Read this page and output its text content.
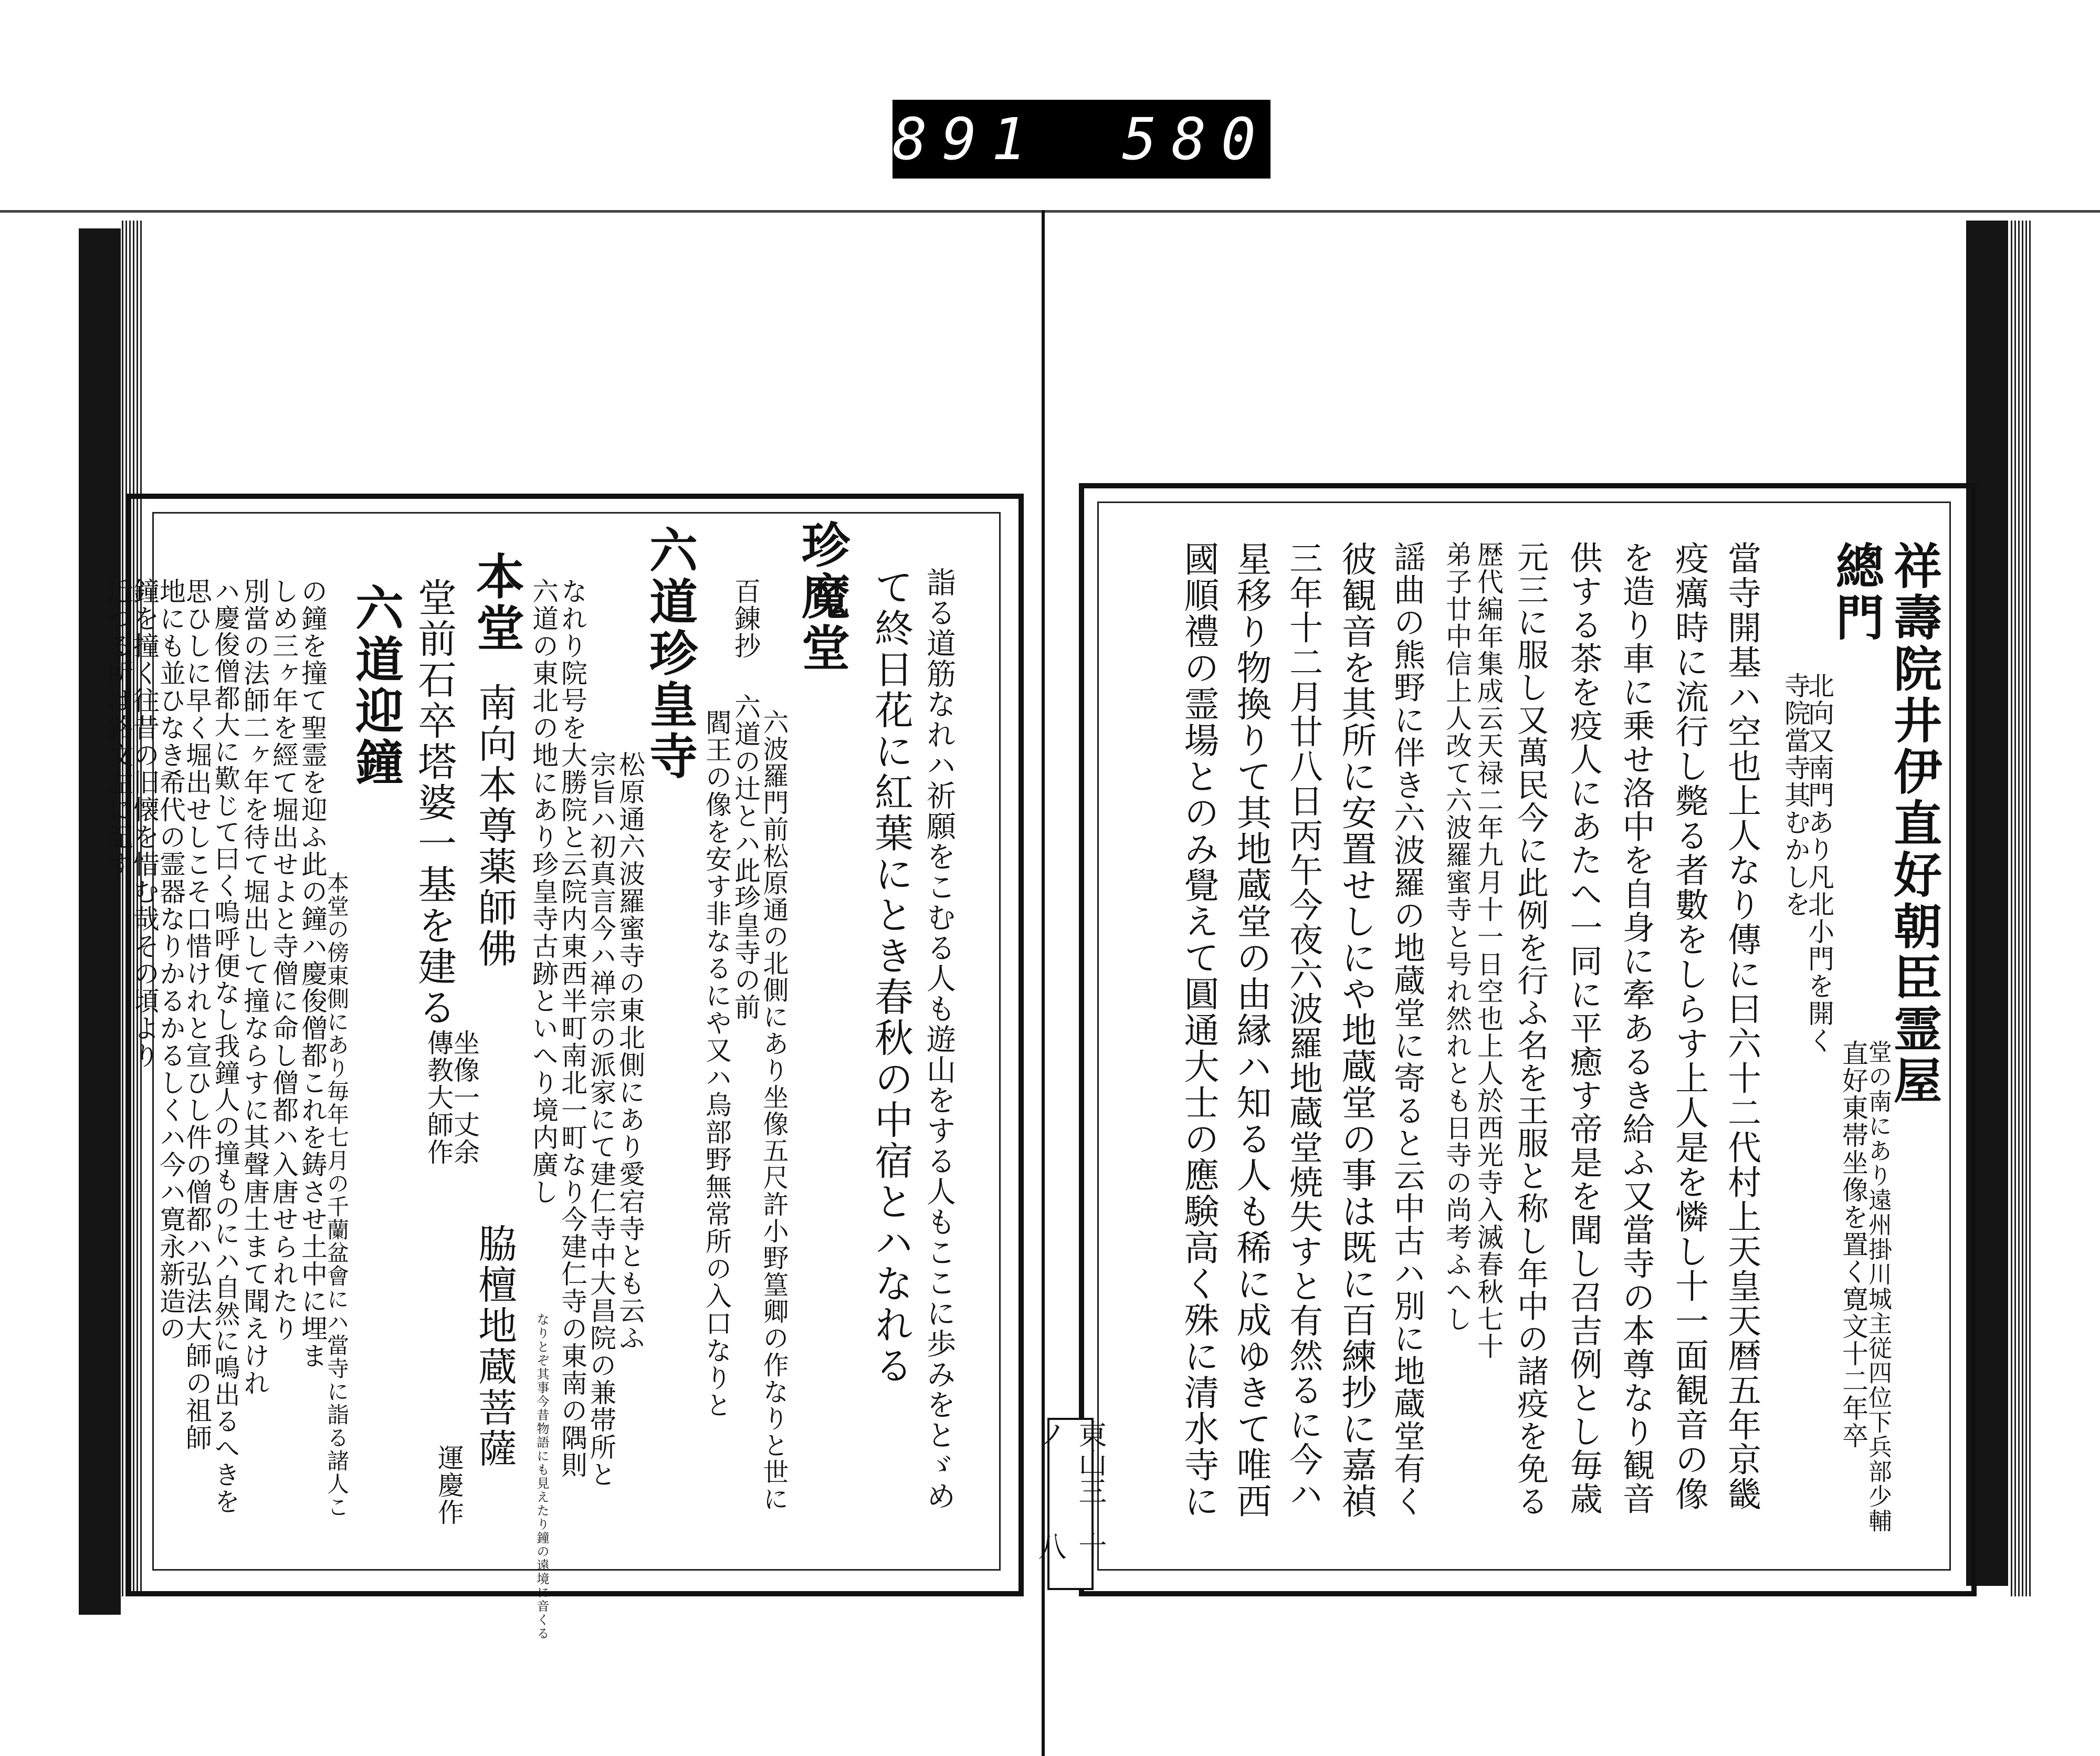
891 580
東山三ノ
十八
祥壽院井伊直好朝臣霊屋
堂の南にあり遠州掛川城主従四位下兵部少輔
直好東帯坐像を置く寛文十二年卒
總門
北向又南門あり凡北小門を開く
寺院當寺其むかしを
當寺開基ハ空也上人なり傳に曰六十二代村上天皇天暦五年京畿
疫癘時に流行し斃る者數をしらす上人是を憐し十一面観音の像
を造り車に乗せ洛中を自身に牽あるき給ふ又當寺の本尊なり観音
供する茶を疫人にあたへ一同に平癒す帝是を聞し召吉例とし毎歳
元三に服し又萬民今に此例を行ふ名を王服と称し年中の諸疫を免る
歴代編年集成云天禄二年九月十一日空也上人於西光寺入滅春秋七十
弟子廿中信上人改て六波羅蜜寺と号れ然れとも日寺の尚考ふへし
謡曲の熊野に伴き六波羅の地蔵堂に寄ると云中古ハ別に地蔵堂有く
彼観音を其所に安置せしにや地蔵堂の事は既に百練抄に嘉禎
三年十二月廿八日丙午今夜六波羅地蔵堂焼失すと有然るに今ハ
星移り物換りて其地蔵堂の由縁ハ知る人も稀に成ゆきて唯西
國順禮の霊場とのみ覺えて圓通大士の應験高く殊に清水寺に
詣る道筋なれハ祈願をこむる人も遊山をする人もここに歩みをとゞめ
て終日花に紅葉にとき春秋の中宿とハなれる
珍魔堂
六波羅門前松原通の北側にあり坐像五尺許小野篁卿の作なりと世に
百錬抄
六道の辻とハ此珍皇寺の前
閻王の像を安す非なるにや又ハ烏部野無常所の入口なりと
六道珍皇寺
松原通六波羅蜜寺の東北側にあり愛宕寺とも云ふ
宗旨ハ初真言今ハ禅宗の派家にて建仁寺中大昌院の兼帯所と
なれり院号を大勝院と云院内東西半町南北一町なり今建仁寺の東南の隅則
六道の東北の地にあり珍皇寺古跡といへり境内廣し
本堂
南向本尊薬師佛
坐像一丈余
傳教大師作
脇檀地蔵菩薩
運慶作
堂前石卒塔婆一基を建る
六道迎鐘
本堂の傍東側にあり毎年七月の千蘭盆會にハ當寺に詣る諸人こ
の鐘を撞て聖霊を迎ふ此の鐘ハ慶俊僧都これを鋳させ土中に埋ま
しめ三ヶ年を經て堀出せよと寺僧に命し僧都ハ入唐せられたり
別當の法師二ヶ年を待て堀出して撞ならすに其聲唐土まて聞えけれ
ハ慶俊僧都大に歎じて曰く嗚呼便なし我鐘人の撞ものにハ自然に鳴出るへきを
思ひしに早く堀出せしこそ口惜けれと宣ひし件の僧都ハ弘法大師の祖師
なりとぞ其事今昔物語にも見えたり鐘の遠境に音くる
地にも並ひなき希代の霊器なりかるかるしくハ今ハ寛永新造の
鐘を撞く往昔の旧懐を惜む哉その頃より
近つる所は銘文左に記す
